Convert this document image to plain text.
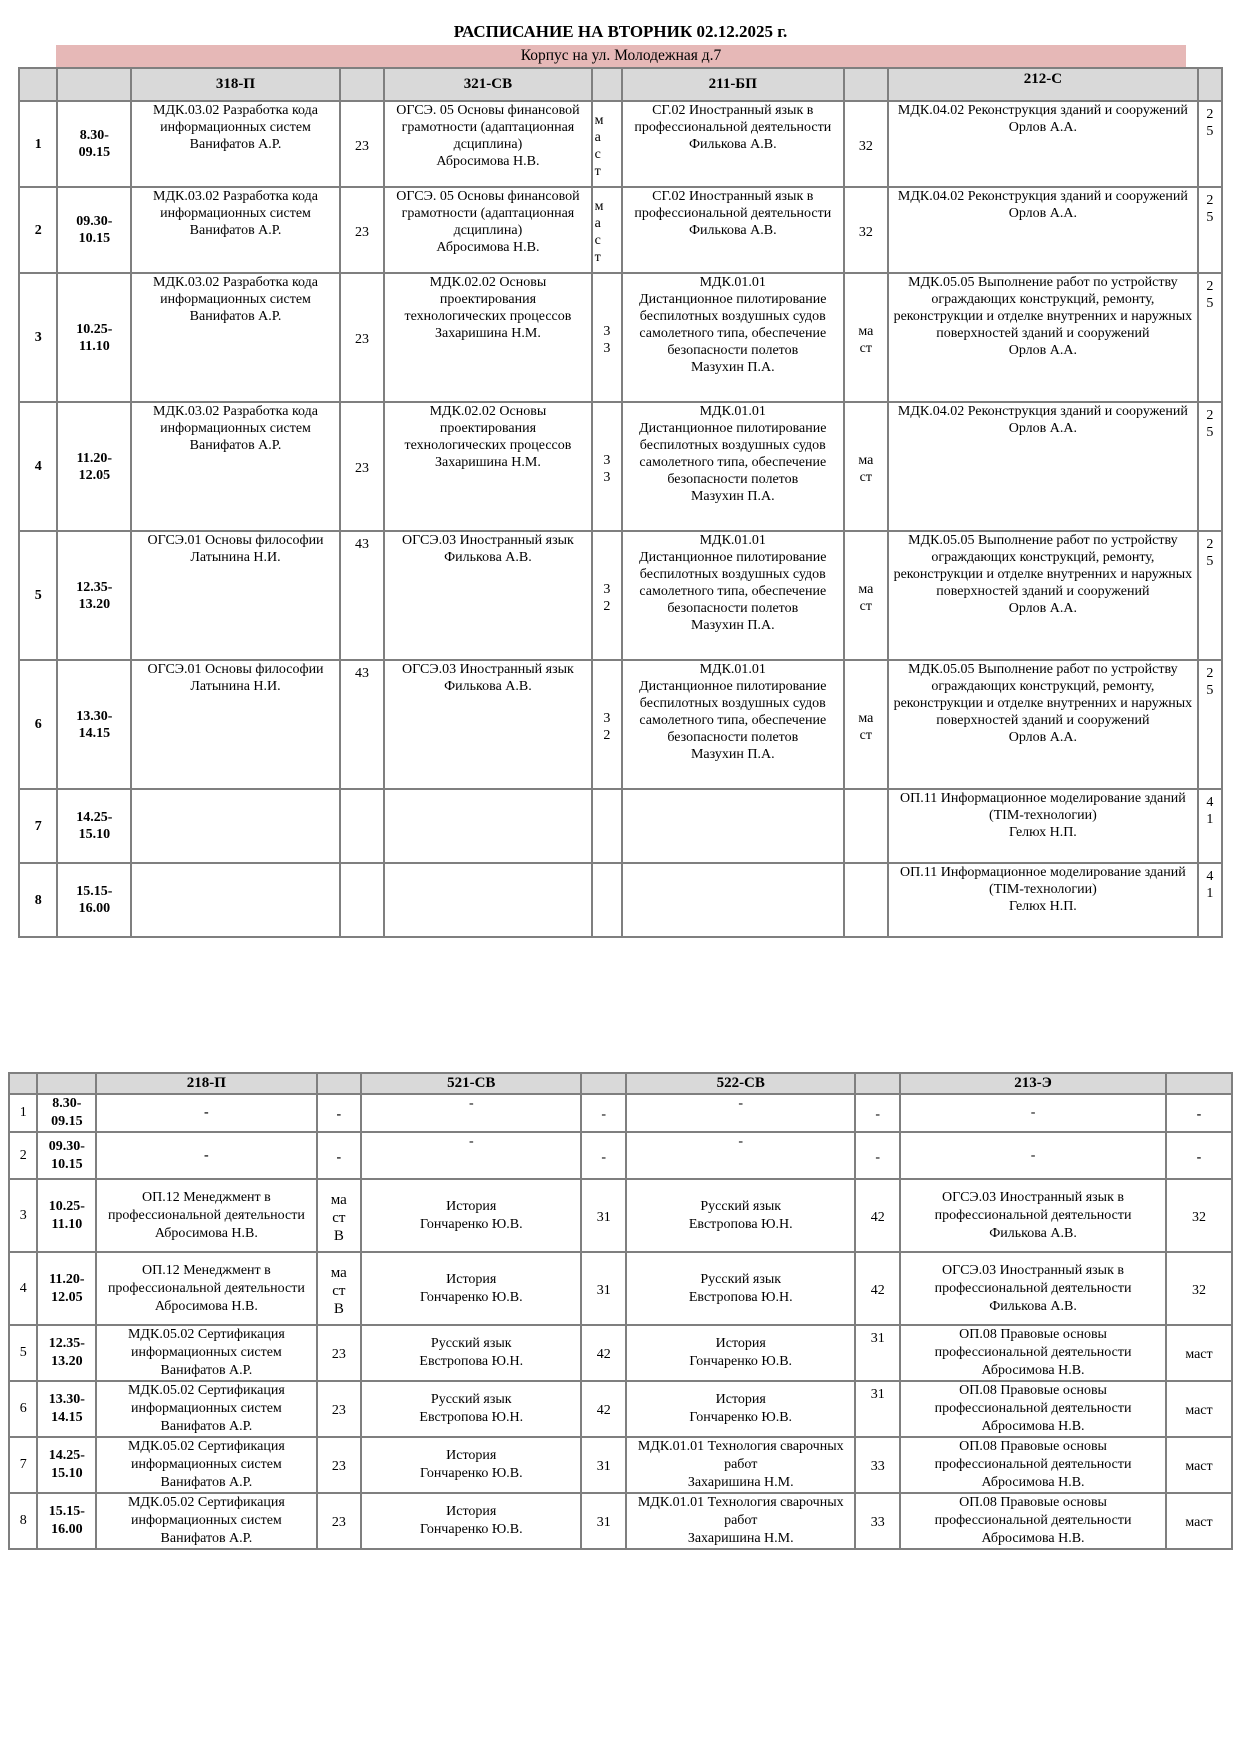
РАСПИСАНИЕ НА ВТОРНИК 02.12.2025 г.
Корпус на ул. Молодежная д.7
		318-П		321-СВ		211-БП		212-С	
1	8.30-
09.15	МДК.03.02 Разработка кода информационных систем
Ванифатов А.Р.	23	ОГСЭ. 05 Основы финансовой грамотности (адаптационная дсциплина)
Абросимова Н.В.	м
а
с
т	СГ.02 Иностранный язык в профессиональной деятельности
Филькова А.В.	32	МДК.04.02 Реконструкция зданий и сооружений
Орлов А.А.	2
5
2	09.30-
10.15	МДК.03.02 Разработка кода информационных систем
Ванифатов А.Р.	23	ОГСЭ. 05 Основы финансовой грамотности (адаптационная дсциплина)
Абросимова Н.В.	м
а
с
т	СГ.02 Иностранный язык в профессиональной деятельности
Филькова А.В.	32	МДК.04.02 Реконструкция зданий и сооружений
Орлов А.А.	2
5
3	10.25-
11.10	МДК.03.02 Разработка кода информационных систем
Ванифатов А.Р.	23	МДК.02.02 Основы проектирования технологических процессов
Захаришина Н.М.	3
3	МДК.01.01
Дистанционное пилотирование беспилотных воздушных судов самолетного типа, обеспечение безопасности полетов
Мазухин П.А.	ма
ст	МДК.05.05 Выполнение работ по устройству ограждающих конструкций, ремонту, реконструкции и отделке внутренних и наружных поверхностей зданий и сооружений
Орлов А.А.	2
5
4	11.20-
12.05	МДК.03.02 Разработка кода информационных систем
Ванифатов А.Р.	23	МДК.02.02 Основы проектирования технологических процессов
Захаришина Н.М.	3
3	МДК.01.01
Дистанционное пилотирование беспилотных воздушных судов самолетного типа, обеспечение безопасности полетов
Мазухин П.А.	ма
ст	МДК.04.02 Реконструкция зданий и сооружений
Орлов А.А.	2
5
5	12.35-
13.20	ОГСЭ.01 Основы философии
Латынина Н.И.	43	ОГСЭ.03 Иностранный язык
Филькова А.В.	3
2	МДК.01.01
Дистанционное пилотирование беспилотных воздушных судов самолетного типа, обеспечение безопасности полетов
Мазухин П.А.	ма
ст	МДК.05.05 Выполнение работ по устройству ограждающих конструкций, ремонту, реконструкции и отделке внутренних и наружных поверхностей зданий и сооружений
Орлов А.А.	2
5
6	13.30-
14.15	ОГСЭ.01 Основы философии
Латынина Н.И.	43	ОГСЭ.03 Иностранный язык
Филькова А.В.	3
2	МДК.01.01
Дистанционное пилотирование беспилотных воздушных судов самолетного типа, обеспечение безопасности полетов
Мазухин П.А.	ма
ст	МДК.05.05 Выполнение работ по устройству ограждающих конструкций, ремонту, реконструкции и отделке внутренних и наружных поверхностей зданий и сооружений
Орлов А.А.	2
5
7	14.25-
15.10							ОП.11 Информационное моделирование зданий (ТIМ-технологии)
Гелюх Н.П.	4
1
8	15.15-
16.00							ОП.11 Информационное моделирование зданий (ТIМ-технологии)
Гелюх Н.П.	4
1
		218-П		521-СВ		522-СВ		213-Э	
1	8.30-
09.15	-	-	-	-	-	-	-	-
2	09.30-
10.15	-	-	-	-	-	-	-	-
3	10.25-
11.10	ОП.12 Менеджмент в профессиональной деятельности
Абросимова Н.В.	ма
ст
В	История
Гончаренко Ю.В.	31	Русский язык
Евстропова Ю.Н.	42	ОГСЭ.03 Иностранный язык в профессиональной деятельности
Филькова А.В.	32
4	11.20-
12.05	ОП.12 Менеджмент в профессиональной деятельности
Абросимова Н.В.	ма
ст
В	История
Гончаренко Ю.В.	31	Русский язык
Евстропова Ю.Н.	42	ОГСЭ.03 Иностранный язык в профессиональной деятельности
Филькова А.В.	32
5	12.35-
13.20	МДК.05.02 Сертификация информационных систем
Ванифатов А.Р.	23	Русский язык
Евстропова Ю.Н.	42	История
Гончаренко Ю.В.	31	ОП.08 Правовые основы профессиональной деятельности
Абросимова Н.В.	маст
6	13.30-
14.15	МДК.05.02 Сертификация информационных систем
Ванифатов А.Р.	23	Русский язык
Евстропова Ю.Н.	42	История
Гончаренко Ю.В.	31	ОП.08 Правовые основы профессиональной деятельности
Абросимова Н.В.	маст
7	14.25-
15.10	МДК.05.02 Сертификация информационных систем
Ванифатов А.Р.	23	История
Гончаренко Ю.В.	31	МДК.01.01 Технология сварочных работ
Захаришина Н.М.	33	ОП.08 Правовые основы профессиональной деятельности
Абросимова Н.В.	маст
8	15.15-
16.00	МДК.05.02 Сертификация информационных систем
Ванифатов А.Р.	23	История
Гончаренко Ю.В.	31	МДК.01.01 Технология сварочных работ
Захаришина Н.М.	33	ОП.08 Правовые основы профессиональной деятельности
Абросимова Н.В.	маст
